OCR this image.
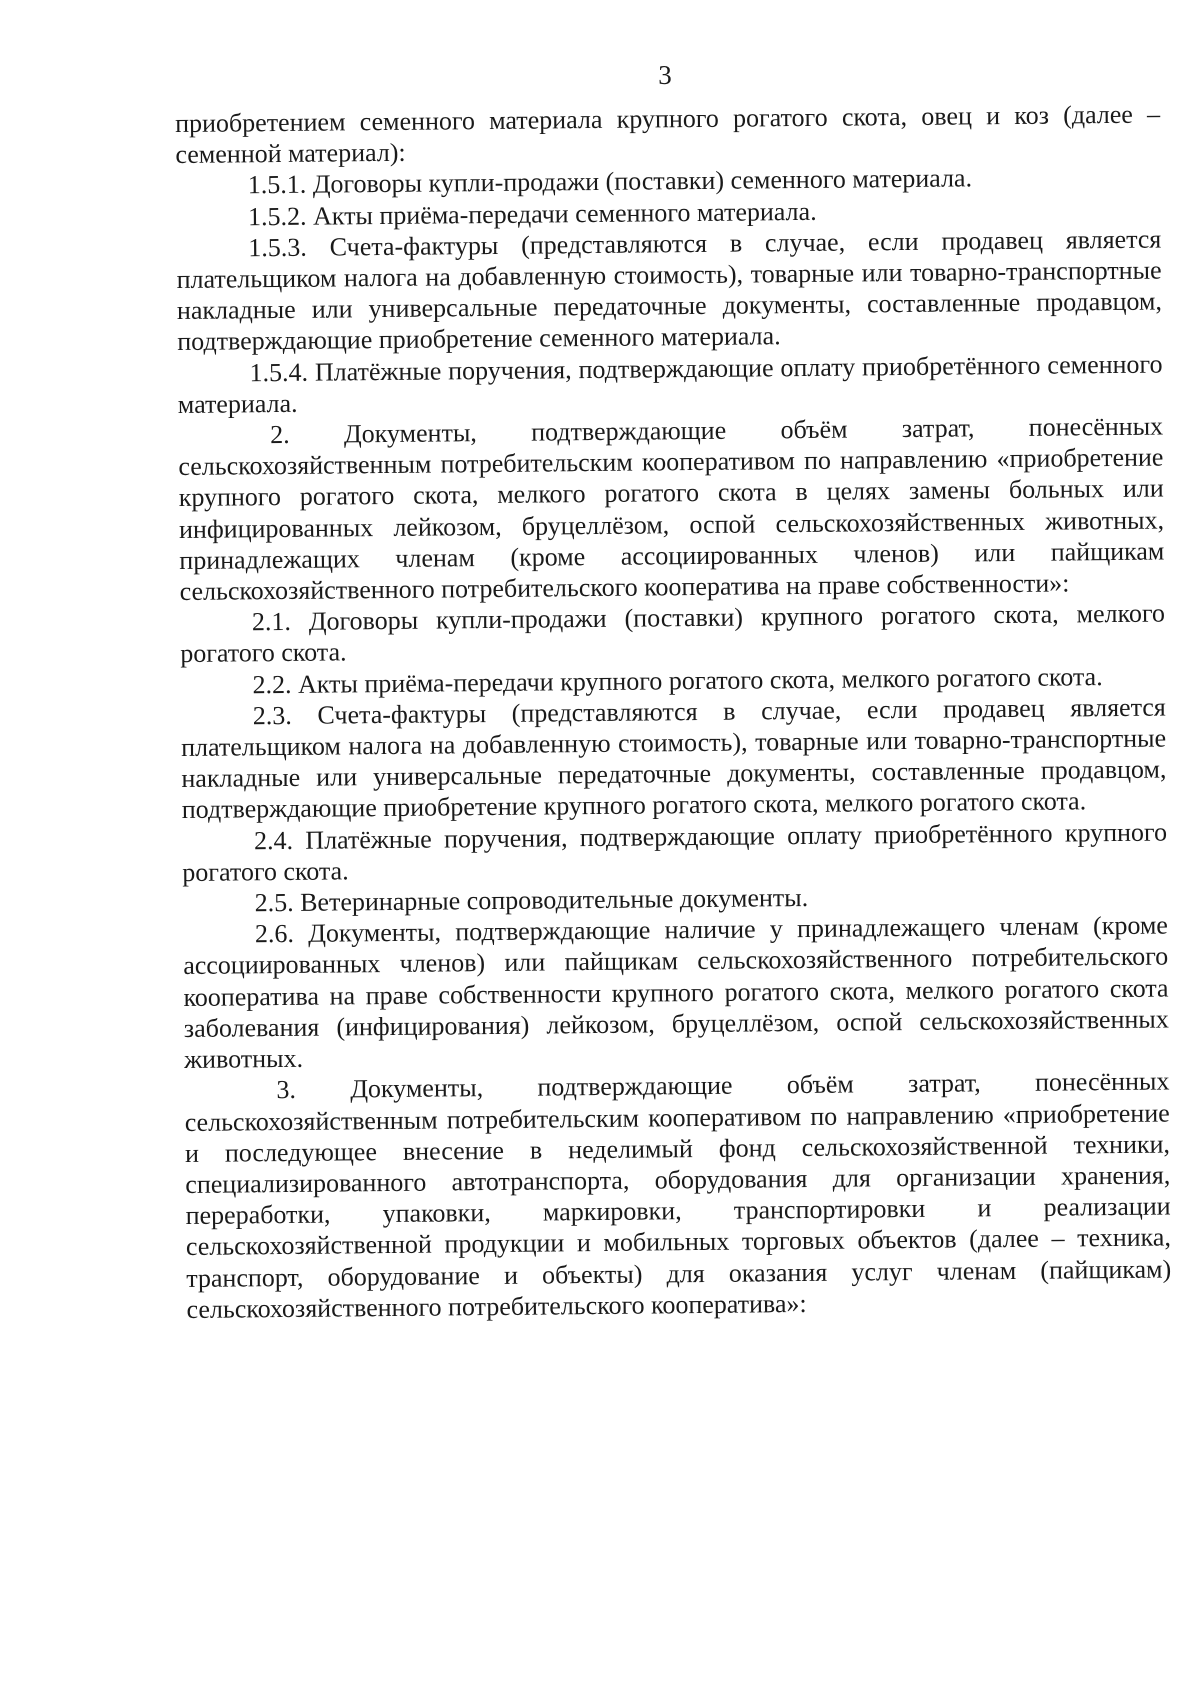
3

приобретением семенного материала крупного рогатого скота, овец и коз (далее – семенной материал):

1.5.1. Договоры купли-продажи (поставки) семенного материала.

1.5.2. Акты приёма-передачи семенного материала.

1.5.3. Счета-фактуры (представляются в случае, если продавец является плательщиком налога на добавленную стоимость), товарные или товарно-транспортные накладные или универсальные передаточные документы, составленные продавцом, подтверждающие приобретение семенного материала.

1.5.4. Платёжные поручения, подтверждающие оплату приобретённого семенного материала.

2. Документы, подтверждающие объём затрат, понесённых сельскохозяйственным потребительским кооперативом по направлению «приобретение крупного рогатого скота, мелкого рогатого скота в целях замены больных или инфицированных лейкозом, бруцеллёзом, оспой сельскохозяйственных животных, принадлежащих членам (кроме ассоциированных членов) или пайщикам сельскохозяйственного потребительского кооператива на праве собственности»:

2.1. Договоры купли-продажи (поставки) крупного рогатого скота, мелкого рогатого скота.

2.2. Акты приёма-передачи крупного рогатого скота, мелкого рогатого скота.

2.3. Счета-фактуры (представляются в случае, если продавец является плательщиком налога на добавленную стоимость), товарные или товарно-транспортные накладные или универсальные передаточные документы, составленные продавцом, подтверждающие приобретение крупного рогатого скота, мелкого рогатого скота.

2.4. Платёжные поручения, подтверждающие оплату приобретённого крупного рогатого скота.

2.5. Ветеринарные сопроводительные документы.

2.6. Документы, подтверждающие наличие у принадлежащего членам (кроме ассоциированных членов) или пайщикам сельскохозяйственного потребительского кооператива на праве собственности крупного рогатого скота, мелкого рогатого скота заболевания (инфицирования) лейкозом, бруцеллёзом, оспой сельскохозяйственных животных.

3. Документы, подтверждающие объём затрат, понесённых сельскохозяйственным потребительским кооперативом по направлению «приобретение и последующее внесение в неделимый фонд сельскохозяйственной техники, специализированного автотранспорта, оборудования для организации хранения, переработки, упаковки, маркировки, транспортировки и реализации сельскохозяйственной продукции и мобильных торговых объектов (далее – техника, транспорт, оборудование и объекты) для оказания услуг членам (пайщикам) сельскохозяйственного потребительского кооператива»:
